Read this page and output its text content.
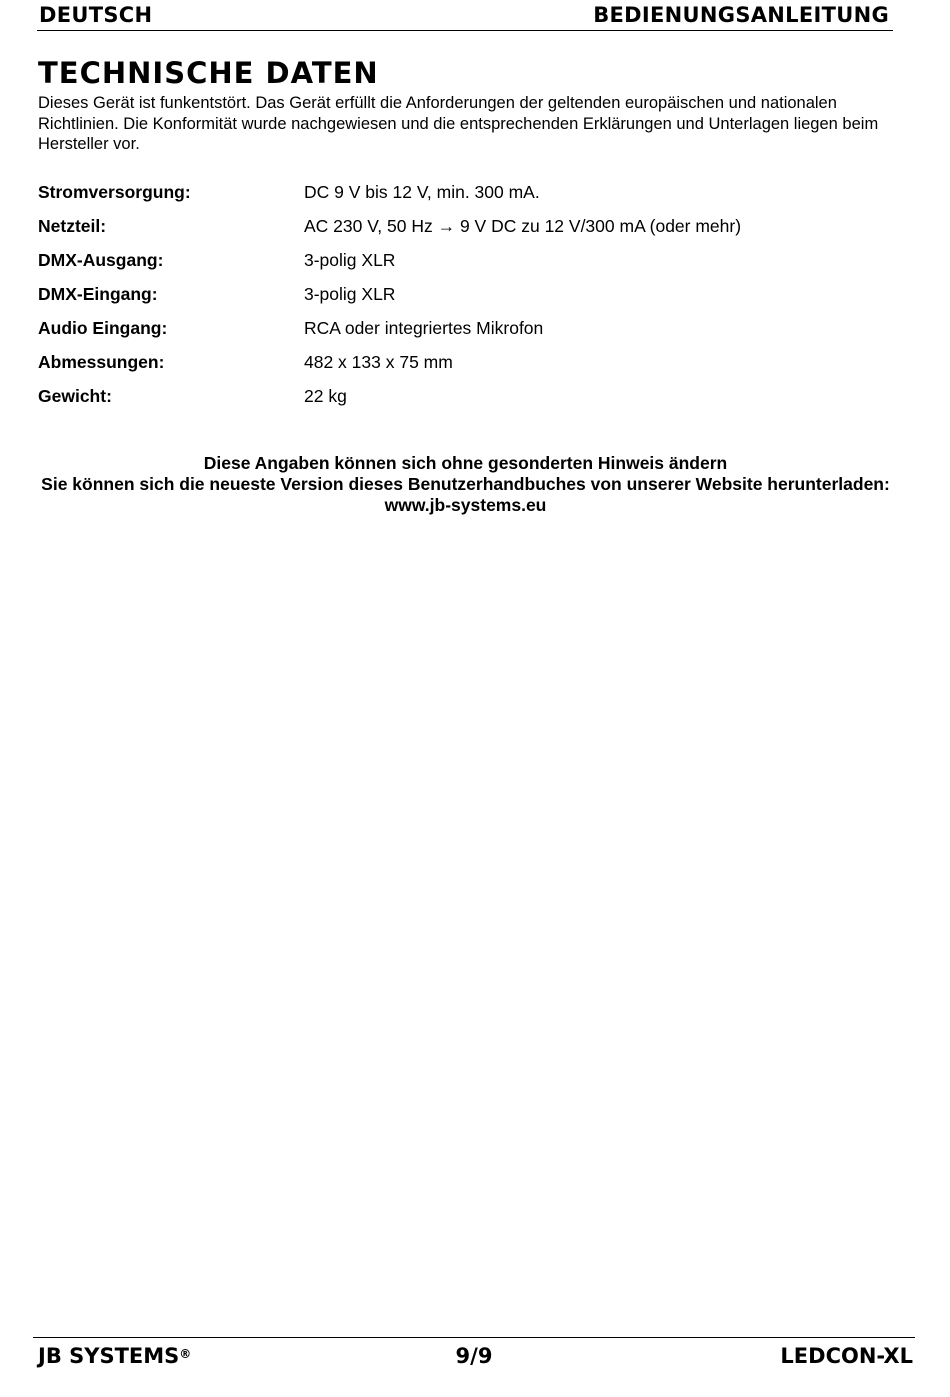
DEUTSCH	BEDIENUNGSANLEITUNG
TECHNISCHE DATEN

Dieses Gerät ist funkentstört. Das Gerät erfüllt die Anforderungen der geltenden europäischen und nationalen Richtlinien. Die Konformität wurde nachgewiesen und die entsprechenden Erklärungen und Unterlagen liegen beim Hersteller vor.

Stromversorgung:	DC 9 V bis 12 V, min. 300 mA.
Netzteil:	AC 230 V, 50 Hz → 9 V DC zu 12 V/300 mA (oder mehr)
DMX-Ausgang:	3-polig XLR
DMX-Eingang:	3-polig XLR
Audio Eingang:	RCA oder integriertes Mikrofon
Abmessungen:	482 x 133 x 75 mm
Gewicht:	22 kg
Diese Angaben können sich ohne gesonderten Hinweis ändern
Sie können sich die neueste Version dieses Benutzerhandbuches von unserer Website herunterladen:
www.jb-systems.eu
JB SYSTEMS®	9/9	LEDCON-XL
